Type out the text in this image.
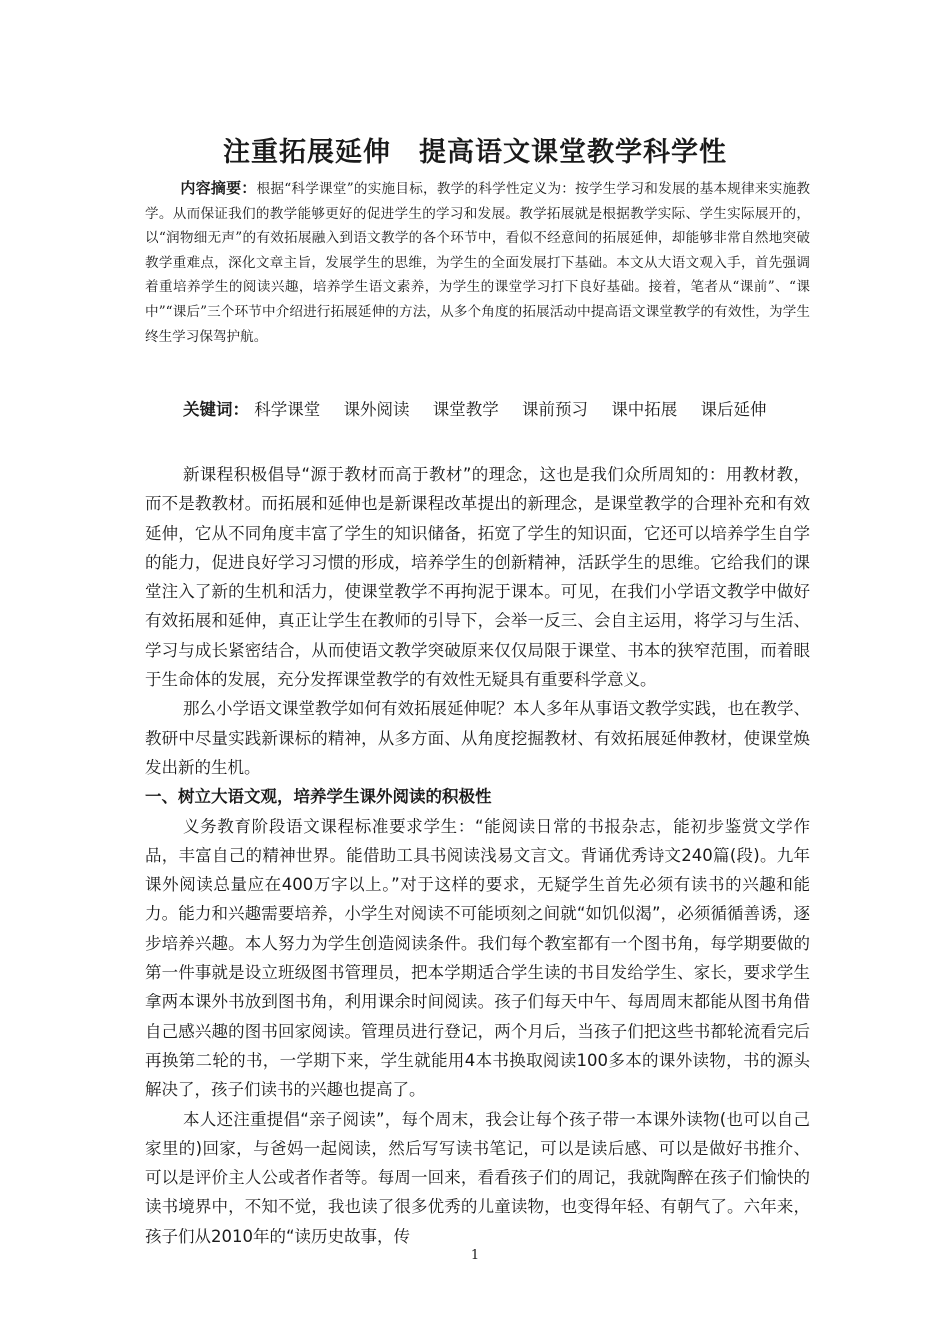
注重拓展延伸　提高语文课堂教学科学性
内容摘要：根据“科学课堂”的实施目标，教学的科学性定义为：按学生学习和发展的基本规律来实施教学。从而保证我们的教学能够更好的促进学生的学习和发展。教学拓展就是根据教学实际、学生实际展开的，以“润物细无声”的有效拓展融入到语文教学的各个环节中，看似不经意间的拓展延伸，却能够非常自然地突破教学重难点，深化文章主旨，发展学生的思维，为学生的全面发展打下基础。本文从大语文观入手，首先强调着重培养学生的阅读兴趣，培养学生语文素养，为学生的课堂学习打下良好基础。接着，笔者从“课前”、“课中”“课后”三个环节中介绍进行拓展延伸的方法，从多个角度的拓展活动中提高语文课堂教学的有效性，为学生终生学习保驾护航。
关键词： 科学课堂 课外阅读 课堂教学 课前预习 课中拓展 课后延伸

新课程积极倡导“源于教材而高于教材”的理念，这也是我们众所周知的：用教材教，而不是教教材。而拓展和延伸也是新课程改革提出的新理念，是课堂教学的合理补充和有效延伸，它从不同角度丰富了学生的知识储备，拓宽了学生的知识面，它还可以培养学生自学的能力，促进良好学习习惯的形成，培养学生的创新精神，活跃学生的思维。它给我们的课堂注入了新的生机和活力，使课堂教学不再拘泥于课本。可见，在我们小学语文教学中做好有效拓展和延伸，真正让学生在教师的引导下，会举一反三、会自主运用，将学习与生活、学习与成长紧密结合，从而使语文教学突破原来仅仅局限于课堂、书本的狭窄范围，而着眼于生命体的发展，充分发挥课堂教学的有效性无疑具有重要科学意义。

那么小学语文课堂教学如何有效拓展延伸呢？本人多年从事语文教学实践，也在教学、教研中尽量实践新课标的精神，从多方面、从角度挖掘教材、有效拓展延伸教材，使课堂焕发出新的生机。

一、树立大语文观，培养学生课外阅读的积极性

义务教育阶段语文课程标准要求学生：“能阅读日常的书报杂志，能初步鉴赏文学作品，丰富自己的精神世界。能借助工具书阅读浅易文言文。背诵优秀诗文240篇(段)。九年课外阅读总量应在400万字以上。”对于这样的要求，无疑学生首先必须有读书的兴趣和能力。能力和兴趣需要培养，小学生对阅读不可能顷刻之间就“如饥似渴”，必须循循善诱，逐步培养兴趣。本人努力为学生创造阅读条件。我们每个教室都有一个图书角，每学期要做的第一件事就是设立班级图书管理员，把本学期适合学生读的书目发给学生、家长，要求学生拿两本课外书放到图书角，利用课余时间阅读。孩子们每天中午、每周周末都能从图书角借自己感兴趣的图书回家阅读。管理员进行登记，两个月后，当孩子们把这些书都轮流看完后再换第二轮的书，一学期下来，学生就能用4本书换取阅读100多本的课外读物，书的源头解决了，孩子们读书的兴趣也提高了。

本人还注重提倡“亲子阅读”，每个周末，我会让每个孩子带一本课外读物(也可以自己家里的)回家，与爸妈一起阅读，然后写写读书笔记，可以是读后感、可以是做好书推介、可以是评价主人公或者作者等。每周一回来，看看孩子们的周记，我就陶醉在孩子们愉快的读书境界中，不知不觉，我也读了很多优秀的儿童读物，也变得年轻、有朝气了。六年来，孩子们从2010年的“读历史故事，传

1
